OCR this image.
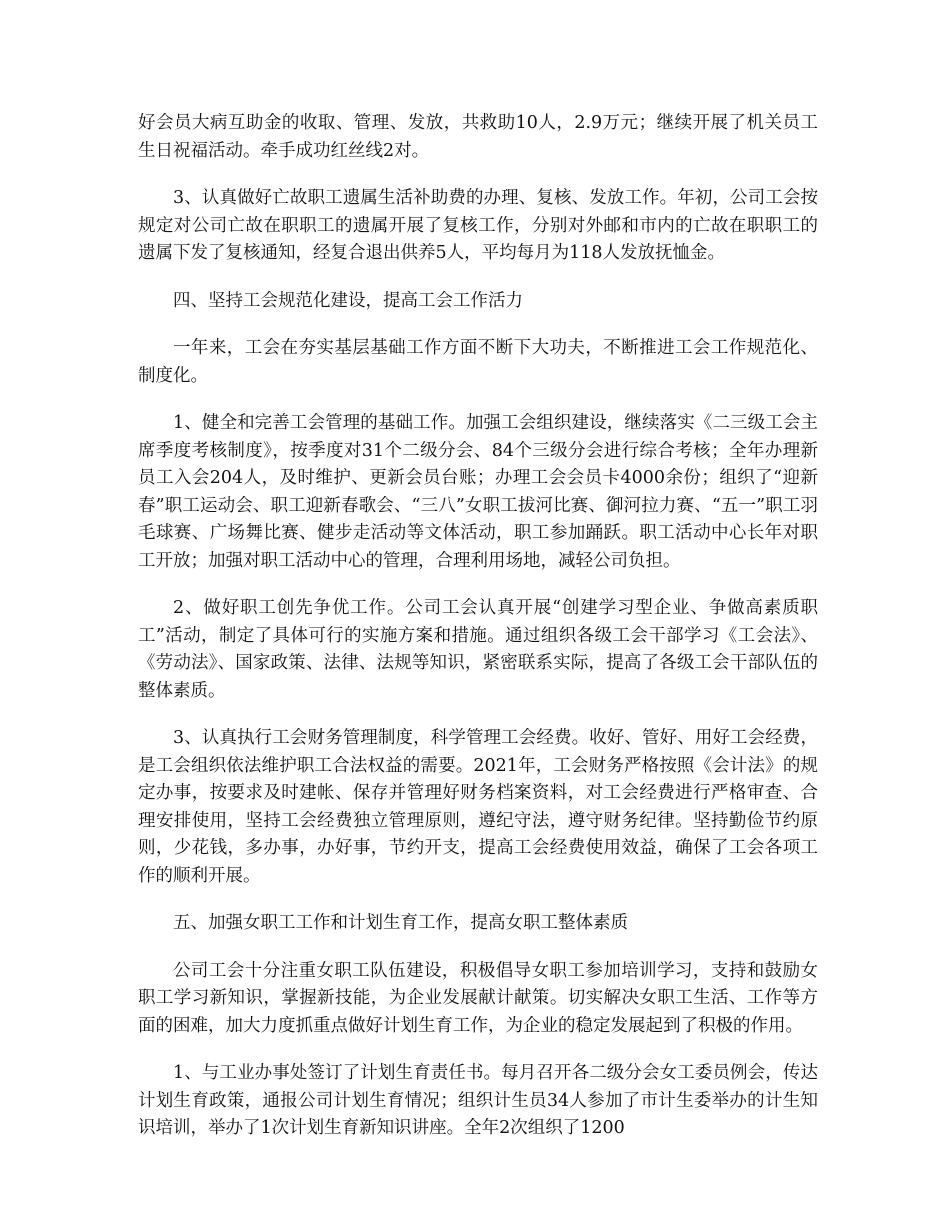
好会员大病互助金的收取、管理、发放，共救助10人，2.9万元；继续开展了机关员工生日祝福活动。牵手成功红丝线2对。

3、认真做好亡故职工遗属生活补助费的办理、复核、发放工作。年初，公司工会按规定对公司亡故在职职工的遗属开展了复核工作，分别对外邮和市内的亡故在职职工的遗属下发了复核通知，经复合退出供养5人，平均每月为118人发放抚恤金。

四、坚持工会规范化建设，提高工会工作活力

一年来，工会在夯实基层基础工作方面不断下大功夫，不断推进工会工作规范化、制度化。

1、健全和完善工会管理的基础工作。加强工会组织建设，继续落实《二三级工会主席季度考核制度》，按季度对31个二级分会、84个三级分会进行综合考核；全年办理新员工入会204人，及时维护、更新会员台账；办理工会会员卡4000余份；组织了“迎新春”职工运动会、职工迎新春歌会、“三八”女职工拔河比赛、御河拉力赛、“五一”职工羽毛球赛、广场舞比赛、健步走活动等文体活动，职工参加踊跃。职工活动中心长年对职工开放；加强对职工活动中心的管理，合理利用场地，减轻公司负担。

2、做好职工创先争优工作。公司工会认真开展“创建学习型企业、争做高素质职工”活动，制定了具体可行的实施方案和措施。通过组织各级工会干部学习《工会法》、《劳动法》、国家政策、法律、法规等知识，紧密联系实际，提高了各级工会干部队伍的整体素质。

3、认真执行工会财务管理制度，科学管理工会经费。收好、管好、用好工会经费，是工会组织依法维护职工合法权益的需要。2021年，工会财务严格按照《会计法》的规定办事，按要求及时建帐、保存并管理好财务档案资料，对工会经费进行严格审查、合理安排使用，坚持工会经费独立管理原则，遵纪守法，遵守财务纪律。坚持勤俭节约原则，少花钱，多办事，办好事，节约开支，提高工会经费使用效益，确保了工会各项工作的顺利开展。

五、加强女职工工作和计划生育工作，提高女职工整体素质

公司工会十分注重女职工队伍建设，积极倡导女职工参加培训学习，支持和鼓励女职工学习新知识，掌握新技能，为企业发展献计献策。切实解决女职工生活、工作等方面的困难，加大力度抓重点做好计划生育工作，为企业的稳定发展起到了积极的作用。

1、与工业办事处签订了计划生育责任书。每月召开各二级分会女工委员例会，传达计划生育政策，通报公司计划生育情况；组织计生员34人参加了市计生委举办的计生知识培训，举办了1次计划生育新知识讲座。全年2次组织了1200
